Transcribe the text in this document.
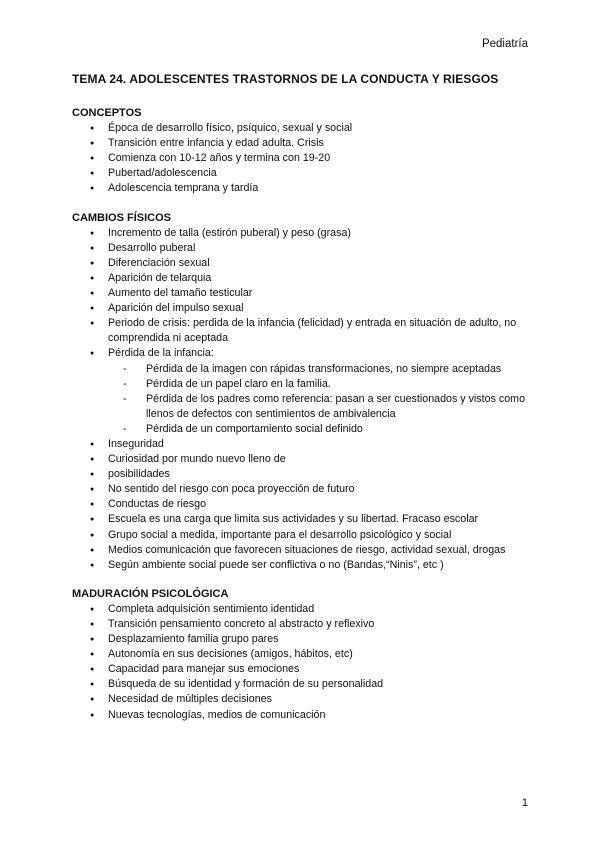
Pediatría
TEMA 24. ADOLESCENTES TRASTORNOS DE LA CONDUCTA Y RIESGOS

CONCEPTOS

● Época de desarrollo físico, psíquico, sexual y social
● Transición entre infancia y edad adulta. Crisis
● Comienza con 10-12 años y termina con 19-20
● Pubertad/adolescencia
● Adolescencia temprana y tardía

CAMBIOS FÍSICOS

● Incremento de talla (estirón puberal) y peso (grasa)
● Desarrollo puberal
● Diferenciación sexual
● Aparición de telarquia
● Aumento del tamaño testicular
● Aparición del impulso sexual
● Periodo de crisis: perdida de la infancia (felicidad) y entrada en situación de adulto, no comprendida ni aceptada
● Pérdida de la infancia:
- Pérdida de la imagen con rápidas transformaciones, no siempre aceptadas
- Pérdida de un papel claro en la familia.
- Pérdida de los padres como referencia: pasan a ser cuestionados y vistos como llenos de defectos con sentimientos de ambivalencia
- Pérdida de un comportamiento social definido
● Inseguridad
● Curiosidad por mundo nuevo lleno de
● posibilidades
● No sentido del riesgo con poca proyección de futuro
● Conductas de riesgo
● Escuela es una carga que limita sus actividades y su libertad. Fracaso escolar
● Grupo social a medida, importante para el desarrollo psicológico y social
● Medios comunicación que favorecen situaciones de riesgo, actividad sexual, drogas
● Según ambiente social puede ser conflictiva o no (Bandas,“Ninis”, etc )

MADURACIÓN PSICOLÓGICA

● Completa adquisición sentimiento identidad
● Transición pensamiento concreto al abstracto y reflexivo
● Desplazamiento familia grupo pares
● Autonomía en sus decisiones (amigos, hábitos, etc)
● Capacidad para manejar sus emociones
● Búsqueda de su identidad y formación de su personalidad
● Necesidad de múltiples decisiones
● Nuevas tecnologías, medios de comunicación
1
